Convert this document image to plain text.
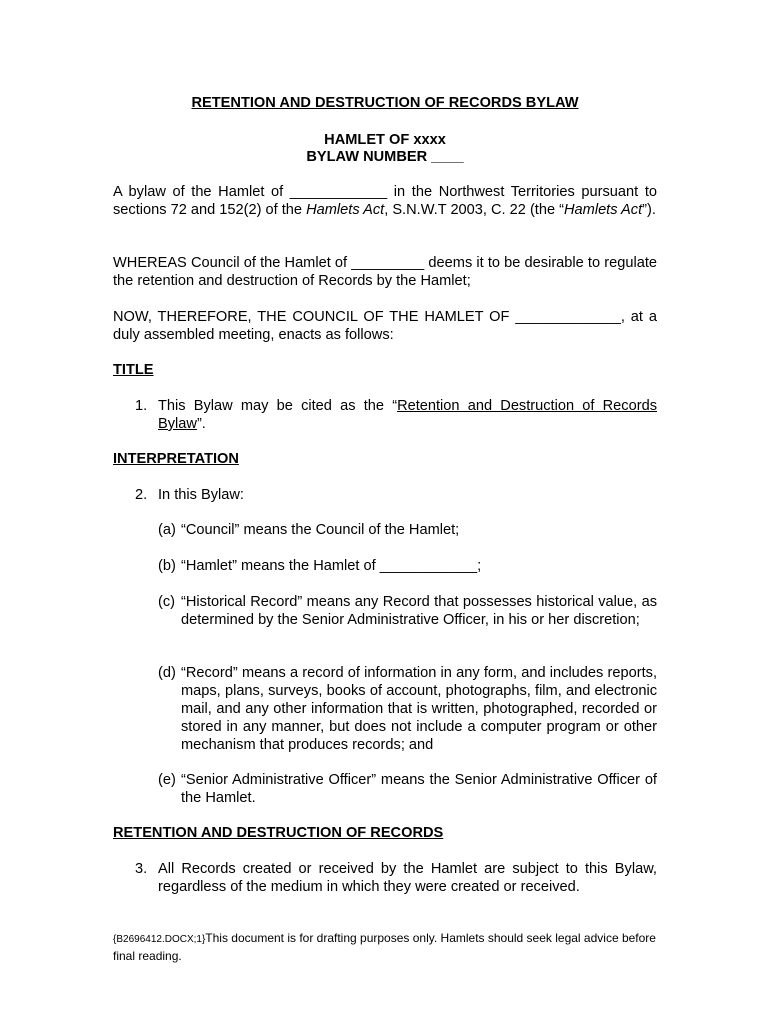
RETENTION AND DESTRUCTION OF RECORDS BYLAW
HAMLET OF xxxx
BYLAW NUMBER ____

A bylaw of the Hamlet of ____________ in the Northwest Territories pursuant to sections 72 and 152(2) of the Hamlets Act, S.N.W.T 2003, C. 22 (the “Hamlets Act”).

WHEREAS Council of the Hamlet of _________ deems it to be desirable to regulate the retention and destruction of Records by the Hamlet;

NOW, THEREFORE, THE COUNCIL OF THE HAMLET OF _____________, at a duly assembled meeting, enacts as follows:

TITLE
1. This Bylaw may be cited as the “Retention and Destruction of Records Bylaw”.

INTERPRETATION
2. In this Bylaw:

(a) “Council” means the Council of the Hamlet;

(b) “Hamlet” means the Hamlet of ____________;

(c) “Historical Record” means any Record that possesses historical value, as determined by the Senior Administrative Officer, in his or her discretion;

(d) “Record” means a record of information in any form, and includes reports, maps, plans, surveys, books of account, photographs, film, and electronic mail, and any other information that is written, photographed, recorded or stored in any manner, but does not include a computer program or other mechanism that produces records; and

(e) “Senior Administrative Officer” means the Senior Administrative Officer of the Hamlet.

RETENTION AND DESTRUCTION OF RECORDS
3. All Records created or received by the Hamlet are subject to this Bylaw, regardless of the medium in which they were created or received.

{B2696412.DOCX;1}This document is for drafting purposes only. Hamlets should seek legal advice before final reading.
